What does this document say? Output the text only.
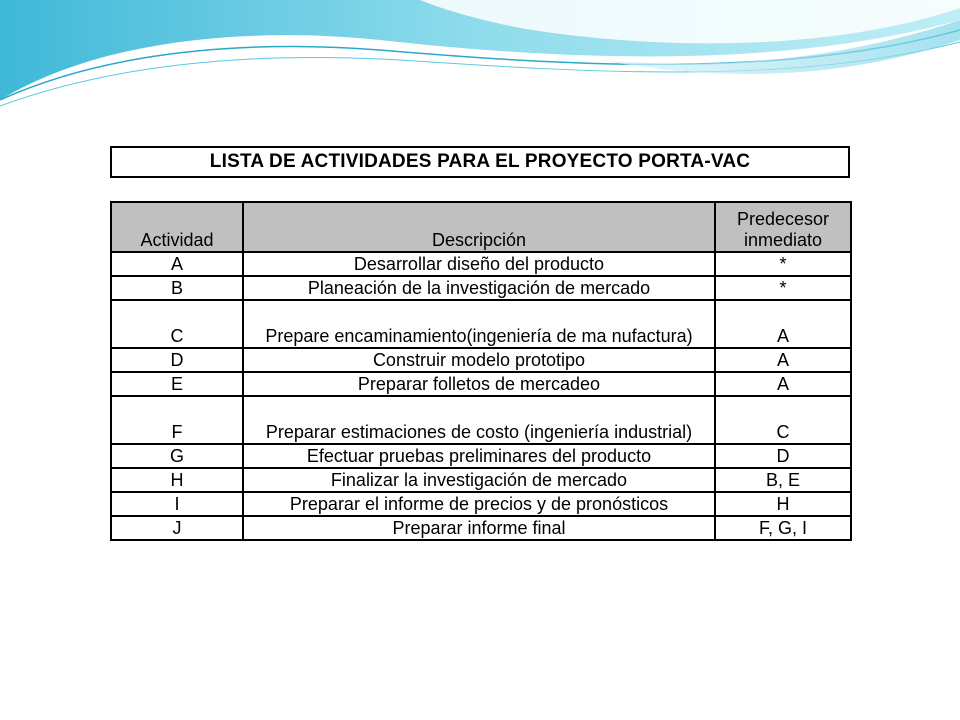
LISTA DE ACTIVIDADES PARA EL PROYECTO PORTA-VAC
Actividad	Descripción	Predecesor
inmediato

A	Desarrollar diseño del producto	*
B	Planeación de la investigación de mercado	*
C	Prepare encaminamiento(ingeniería de ma nufactura)	A
D	Construir modelo prototipo	A
E	Preparar folletos de mercadeo	A
F	Preparar estimaciones de costo (ingeniería industrial)	C
G	Efectuar pruebas preliminares del producto	D
H	Finalizar la investigación de mercado	B, E
I	Preparar el informe de precios y de pronósticos	H
J	Preparar informe final	F, G, I
